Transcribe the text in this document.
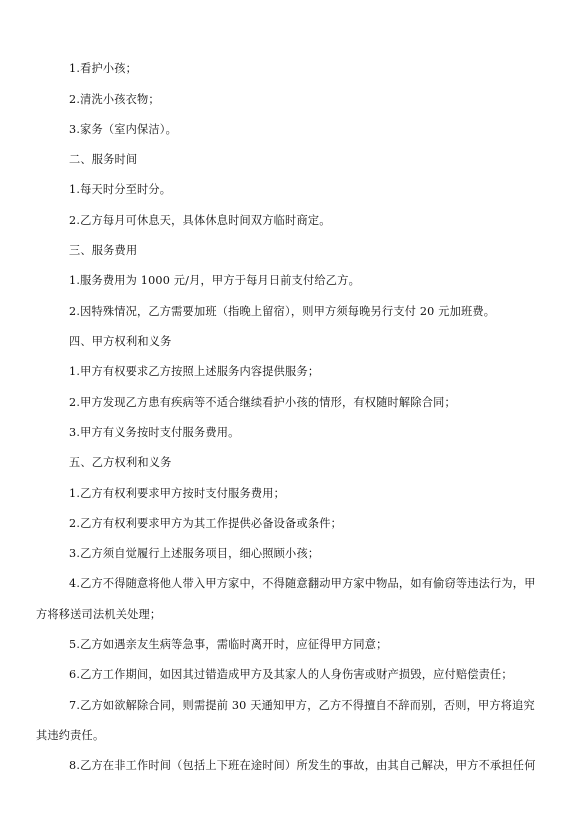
1.看护小孩；
2.清洗小孩衣物；
3.家务（室内保洁）。
二、服务时间
1.每天时分至时分。
2.乙方每月可休息天，具体休息时间双方临时商定。
三、服务费用
1.服务费用为 1000 元/月，甲方于每月日前支付给乙方。
2.因特殊情况，乙方需要加班（指晚上留宿），则甲方须每晚另行支付 20 元加班费。
四、甲方权利和义务
1.甲方有权要求乙方按照上述服务内容提供服务；
2.甲方发现乙方患有疾病等不适合继续看护小孩的情形，有权随时解除合同；
3.甲方有义务按时支付服务费用。
五、乙方权利和义务
1.乙方有权利要求甲方按时支付服务费用；
2.乙方有权利要求甲方为其工作提供必备设备或条件；
3.乙方须自觉履行上述服务项目，细心照顾小孩；
4.乙方不得随意将他人带入甲方家中，不得随意翻动甲方家中物品，如有偷窃等违法行为，甲
方将移送司法机关处理；
5.乙方如遇亲友生病等急事，需临时离开时，应征得甲方同意；
6.乙方工作期间，如因其过错造成甲方及其家人的人身伤害或财产损毁，应付赔偿责任；
7.乙方如欲解除合同，则需提前 30 天通知甲方，乙方不得擅自不辞而别，否则，甲方将追究
其违约责任。
8.乙方在非工作时间（包括上下班在途时间）所发生的事故，由其自己解决，甲方不承担任何
